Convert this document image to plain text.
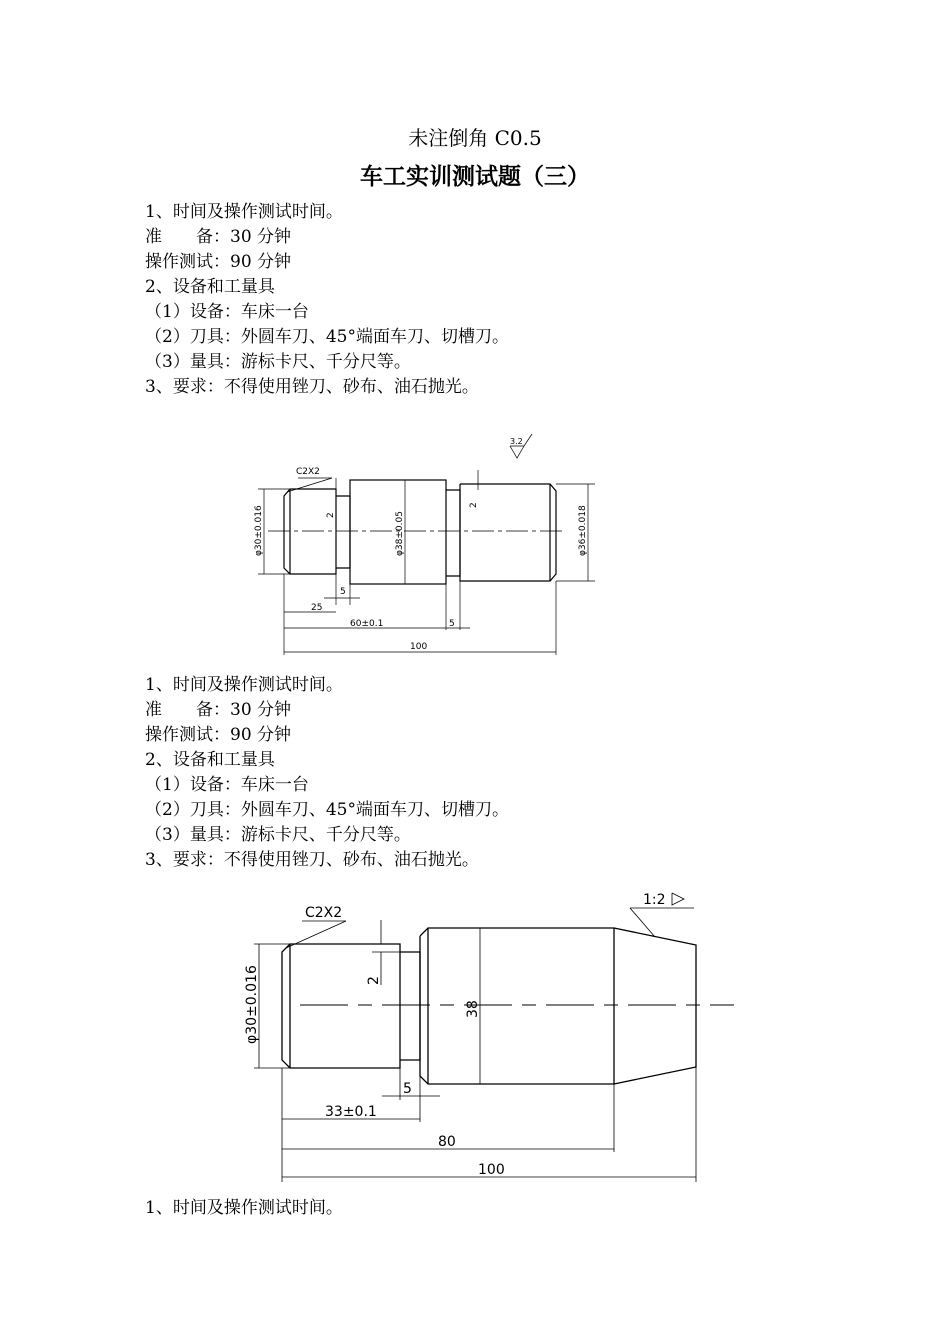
未注倒角 C0.5
车工实训测试题（三）
1、时间及操作测试时间。
准　　备：30 分钟
操作测试：90 分钟
2、设备和工量具
（1）设备：车床一台
（2）刀具：外圆车刀、45°端面车刀、切槽刀。
（3）量具：游标卡尺、千分尺等。
3、要求：不得使用锉刀、砂布、油石抛光。
C2X2
3.2
φ30±0.016	φ38±0.05	φ36±0.018
2
2
5
25
60±0.1	5
100
1、时间及操作测试时间。
准　　备：30 分钟
操作测试：90 分钟
2、设备和工量具
（1）设备：车床一台
（2）刀具：外圆车刀、45°端面车刀、切槽刀。
（3）量具：游标卡尺、千分尺等。
3、要求：不得使用锉刀、砂布、油石抛光。
C2X2
1:2
φ30±0.016	38
2
5
33±0.1
80
100
1、时间及操作测试时间。
